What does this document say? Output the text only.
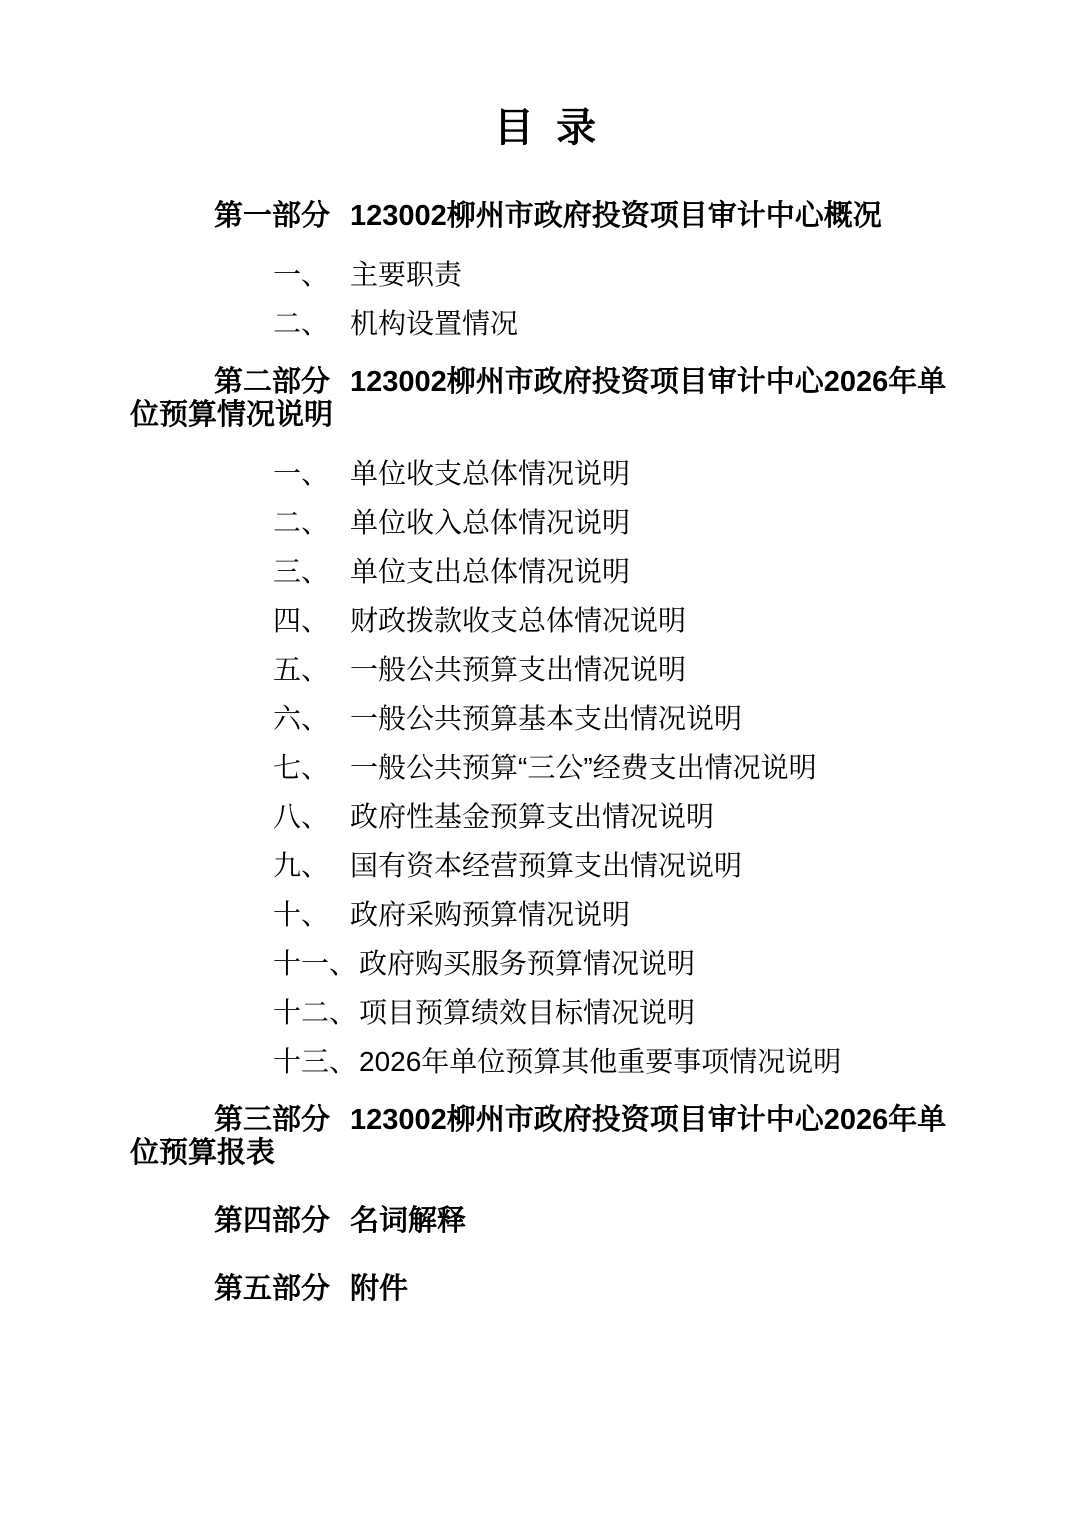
目  录

第一部分 123002柳州市政府投资项目审计中心概况

一、 主要职责

二、 机构设置情况

第二部分 123002柳州市政府投资项目审计中心2026年单位预算情况说明

一、 单位收支总体情况说明

二、 单位收入总体情况说明

三、 单位支出总体情况说明

四、 财政拨款收支总体情况说明

五、 一般公共预算支出情况说明

六、 一般公共预算基本支出情况说明

七、 一般公共预算“三公”经费支出情况说明

八、 政府性基金预算支出情况说明

九、 国有资本经营预算支出情况说明

十、 政府采购预算情况说明

十一、政府购买服务预算情况说明

十二、项目预算绩效目标情况说明

十三、2026年单位预算其他重要事项情况说明

第三部分 123002柳州市政府投资项目审计中心2026年单位预算报表

第四部分 名词解释

第五部分 附件
